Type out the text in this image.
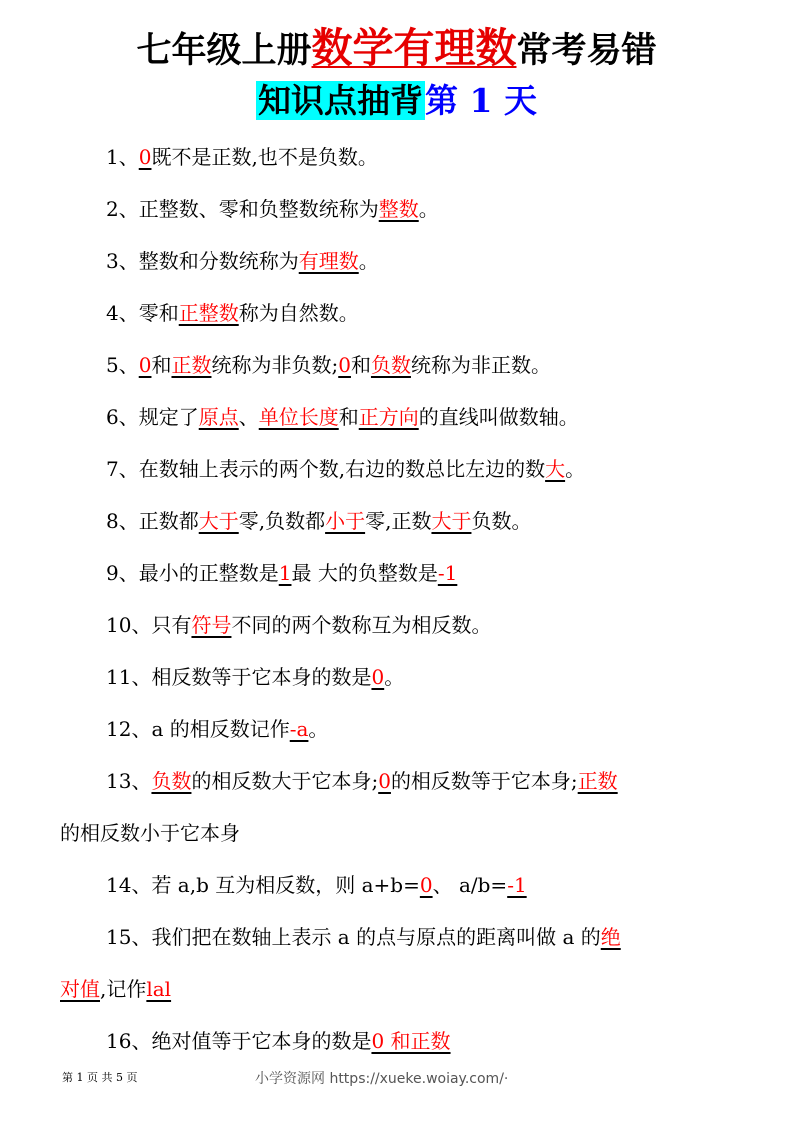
七年级上册数学有理数常考易错
知识点抽背第 1 天
1、0既不是正数,也不是负数。
2、正整数、零和负整数统称为整数。
3、整数和分数统称为有理数。
4、零和正整数称为自然数。
5、0和正数统称为非负数;0和负数统称为非正数。
6、规定了原点、单位长度和正方向的直线叫做数轴。
7、在数轴上表示的两个数,右边的数总比左边的数大。
8、正数都大于零,负数都小于零,正数大于负数。
9、最小的正整数是1最 大的负整数是-1
10、只有符号不同的两个数称互为相反数。
11、相反数等于它本身的数是0。
12、a 的相反数记作-a。
13、负数的相反数大于它本身;0的相反数等于它本身;正数
的相反数小于它本身
14、若 a,b 互为相反数，则 a+b=0、 a/b=-1
15、我们把在数轴上表示 a 的点与原点的距离叫做 a 的绝
对值,记作lal
16、绝对值等于它本身的数是0 和正数
第 1 页 共 5 页	小学资源网 https://xueke.woiay.com/·
